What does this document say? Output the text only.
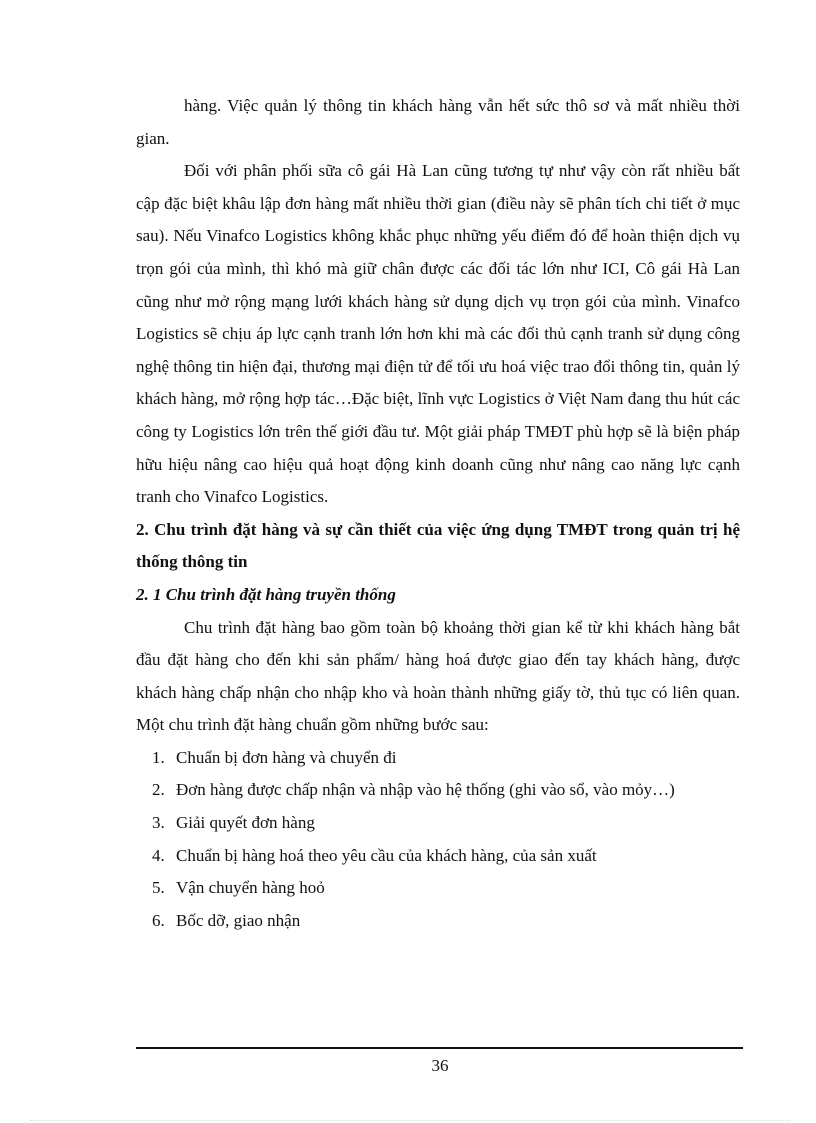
hàng. Việc quản lý thông tin khách hàng vẫn hết sức thô sơ và mất nhiều thời gian.

Đối với phân phối sữa cô gái Hà Lan cũng tương tự như vậy còn rất nhiều bất cập đặc biệt khâu lập đơn hàng mất nhiều thời gian (điều này sẽ phân tích chi tiết ở mục sau). Nếu Vinafco Logistics không khắc phục những yếu điểm đó để hoàn thiện dịch vụ trọn gói của mình, thì khó mà giữ chân được các đối tác lớn như ICI, Cô gái Hà Lan cũng như mở rộng mạng lưới khách hàng sử dụng dịch vụ trọn gói của mình. Vinafco Logistics sẽ chịu áp lực cạnh tranh lớn hơn khi mà các đối thủ cạnh tranh sử dụng công nghệ thông tin hiện đại, thương mại điện tử để tối ưu hoá việc trao đổi thông tin, quản lý khách hàng, mở rộng hợp tác…Đặc biệt, lĩnh vực Logistics ở Việt Nam đang thu hút các công ty Logistics lớn trên thế giới đầu tư. Một giải pháp TMĐT phù hợp sẽ là biện pháp hữu hiệu nâng cao hiệu quả hoạt động kinh doanh cũng như nâng cao năng lực cạnh tranh cho Vinafco Logistics.

2. Chu trình đặt hàng và sự cần thiết của việc ứng dụng TMĐT trong quản trị hệ thống thông tin
2. 1 Chu trình đặt hàng truyền thống

Chu trình đặt hàng bao gồm toàn bộ khoảng thời gian kể từ khi khách hàng bắt đầu đặt hàng cho đến khi sản phẩm/ hàng hoá được giao đến tay khách hàng, được khách hàng chấp nhận cho nhập kho và hoàn thành những giấy tờ, thủ tục có liên quan. Một chu trình đặt hàng chuẩn gồm những bước sau:

1. Chuẩn bị đơn hàng và chuyển đi
2. Đơn hàng được chấp nhận và nhập vào hệ thống (ghi vào sổ, vào mỏy…)
3. Giải quyết đơn hàng
4. Chuẩn bị hàng hoá theo yêu cầu của khách hàng, của sản xuất
5. Vận chuyển hàng hoỏ
6. Bốc dỡ, giao nhận
36
